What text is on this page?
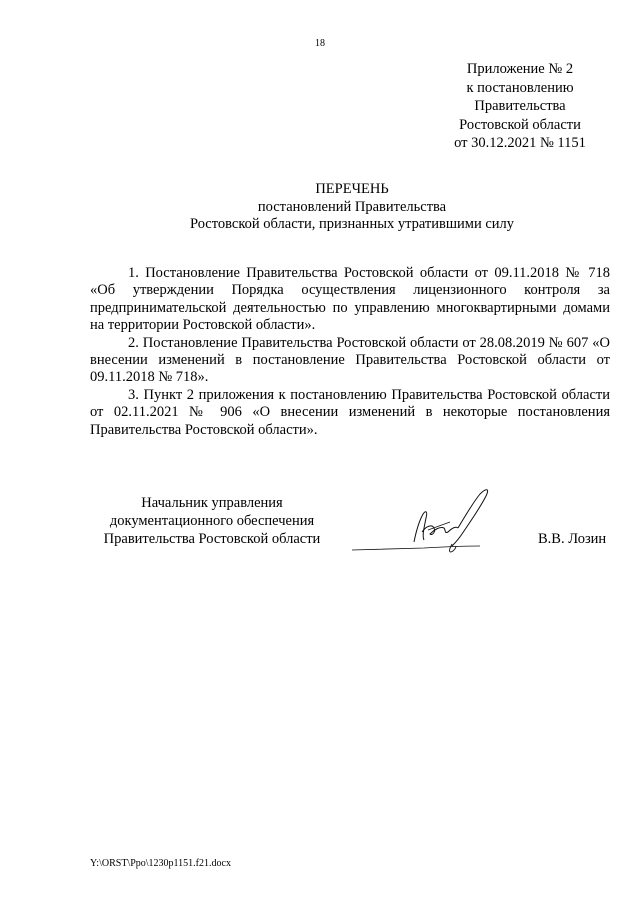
18
Приложение № 2
к постановлению
Правительства
Ростовской области
от 30.12.2021 № 1151
ПЕРЕЧЕНЬ
постановлений Правительства
Ростовской области, признанных утратившими силу

1. Постановление Правительства Ростовской области от 09.11.2018 № 718 «Об утверждении Порядка осуществления лицензионного контроля за предпринимательской деятельностью по управлению многоквартирными домами на территории Ростовской области».

2. Постановление Правительства Ростовской области от 28.08.2019 № 607 «О внесении изменений в постановление Правительства Ростовской области от 09.11.2018 № 718».

3. Пункт 2 приложения к постановлению Правительства Ростовской области от 02.11.2021 № 906 «О внесении изменений в некоторые постановления Правительства Ростовской области».

Начальник управления
документационного обеспечения
Правительства Ростовской области	В.В. Лозин
Y:\ORST\Ppo\1230p1151.f21.docx
